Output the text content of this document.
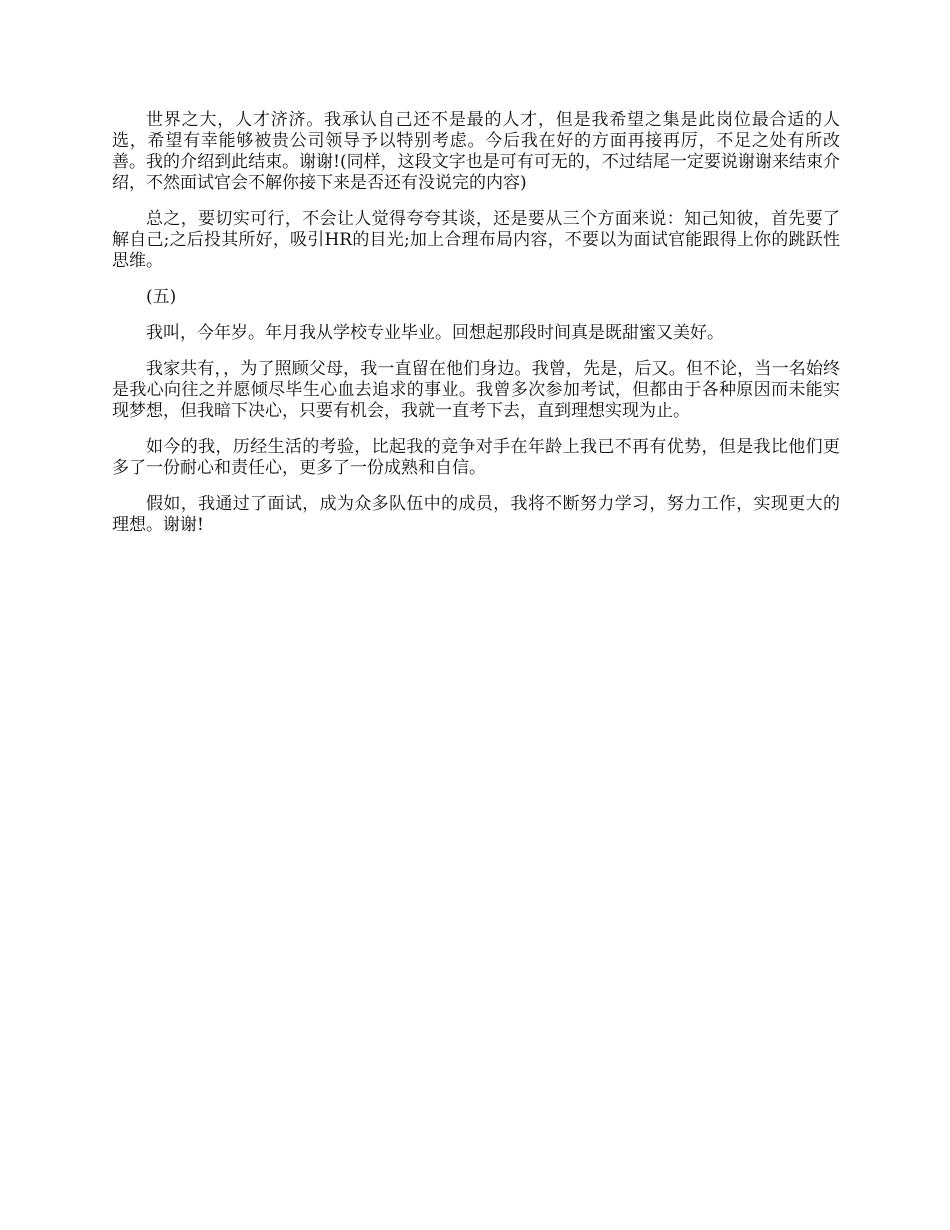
世界之大，人才济济。我承认自己还不是最的人才，但是我希望之集是此岗位最合适的人选，希望有幸能够被贵公司领导予以特别考虑。今后我在好的方面再接再厉，不足之处有所改善。我的介绍到此结束。谢谢!(同样，这段文字也是可有可无的，不过结尾一定要说谢谢来结束介绍，不然面试官会不解你接下来是否还有没说完的内容)

总之，要切实可行，不会让人觉得夸夸其谈，还是要从三个方面来说：知己知彼，首先要了解自己;之后投其所好，吸引HR的目光;加上合理布局内容，不要以为面试官能跟得上你的跳跃性思维。

(五)

我叫，今年岁。年月我从学校专业毕业。回想起那段时间真是既甜蜜又美好。

我家共有，，为了照顾父母，我一直留在他们身边。我曾，先是，后又。但不论，当一名始终是我心向往之并愿倾尽毕生心血去追求的事业。我曾多次参加考试，但都由于各种原因而未能实现梦想，但我暗下决心，只要有机会，我就一直考下去，直到理想实现为止。

如今的我，历经生活的考验，比起我的竞争对手在年龄上我已不再有优势，但是我比他们更多了一份耐心和责任心，更多了一份成熟和自信。

假如，我通过了面试，成为众多队伍中的成员，我将不断努力学习，努力工作，实现更大的理想。谢谢!
